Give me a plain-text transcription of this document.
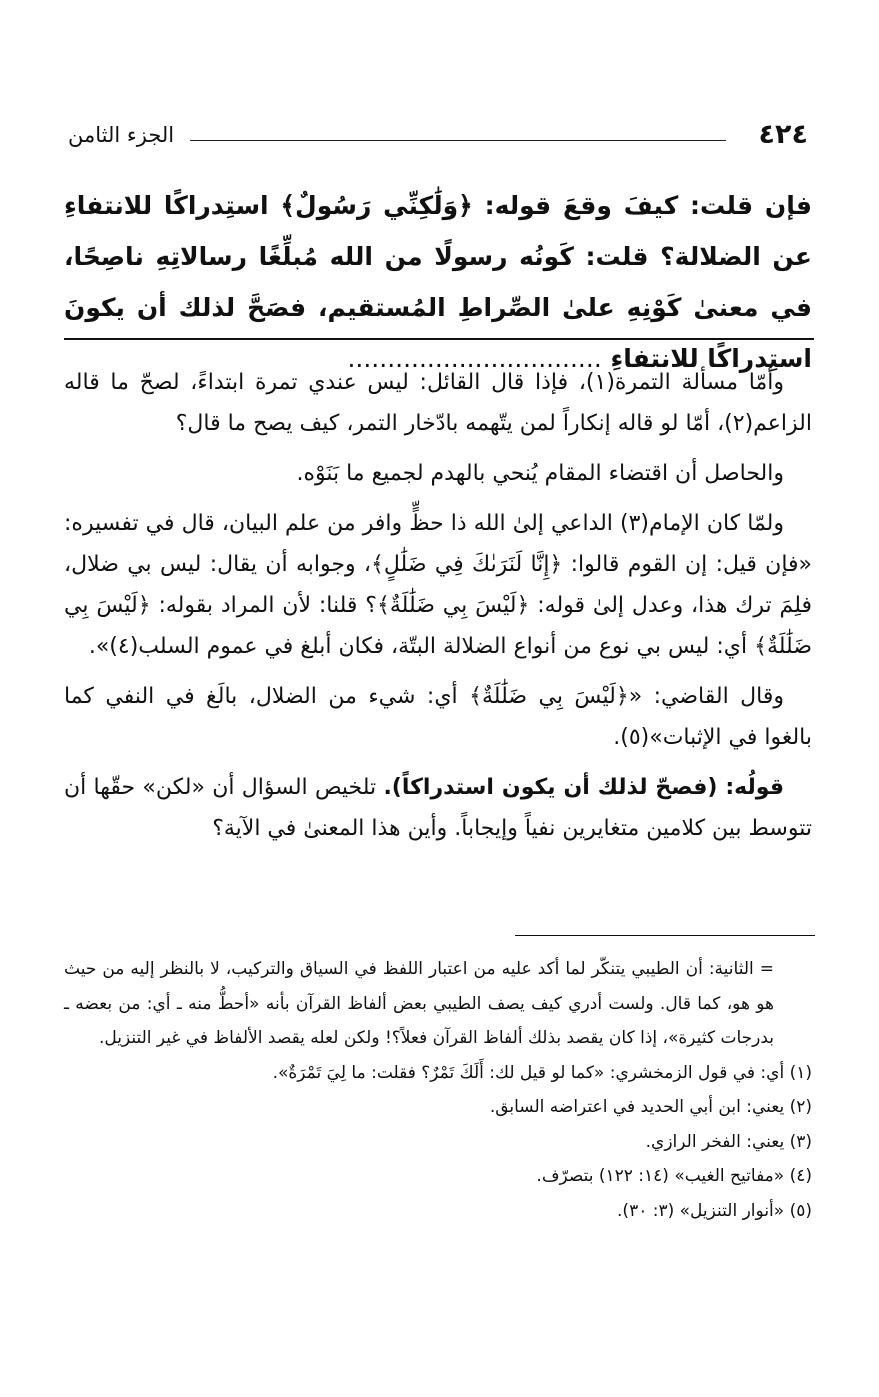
٤٢٤
الجزء الثامن

فإن قلت: كيفَ وقعَ قوله: ﴿وَلَٰكِنِّي رَسُولٌ﴾ استِدراكًا للانتفاءِ عن الضلالة؟ قلت: كَونُه رسولًا من الله مُبلِّغًا رسالاتِهِ ناصِحًا، في معنىٰ كَوْنِهِ علىٰ الصِّراطِ المُستقيم، فصَحَّ لذلك أن يكونَ استِدراكًا للانتفاءِ ................................

وأمّا مسألة التمرة(١)، فإذا قال القائل: ليس عندي تمرة ابتداءً، لصحّ ما قاله الزاعم(٢)، أمّا لو قاله إنكاراً لمن يتّهمه بادّخار التمر، كيف يصح ما قال؟

والحاصل أن اقتضاء المقام يُنحي بالهدم لجميع ما بَنَوْه.

ولمّا كان الإمام(٣) الداعي إلىٰ الله ذا حظٍّ وافر من علم البيان، قال في تفسيره: «فإن قيل: إن القوم قالوا: ﴿إِنَّا لَنَرَىٰكَ فِي ضَلَٰلٍ﴾، وجوابه أن يقال: ليس بي ضلال، فلِمَ ترك هذا، وعدل إلىٰ قوله: ﴿لَيْسَ بِي ضَلَٰلَةٌ﴾؟ قلنا: لأن المراد بقوله: ﴿لَيْسَ بِي ضَلَٰلَةٌ﴾ أي: ليس بي نوع من أنواع الضلالة البتّة، فكان أبلغ في عموم السلب(٤)».

وقال القاضي: «﴿لَيْسَ بِي ضَلَٰلَةٌ﴾ أي: شيء من الضلال، بالَغ في النفي كما بالغوا في الإثبات»(٥).

قولُه: (فصحّ لذلك أن يكون استدراكاً). تلخيص السؤال أن «لكن» حقّها أن تتوسط بين كلامين متغايرين نفياً وإيجاباً. وأين هذا المعنىٰ في الآية؟

= الثانية: أن الطيبي يتنكّر لما أكد عليه من اعتبار اللفظ في السياق والتركيب، لا بالنظر إليه من حيث هو هو، كما قال. ولست أدري كيف يصف الطيبي بعض ألفاظ القرآن بأنه «أحطُّ منه ـ أي: من بعضه ـ بدرجات كثيرة»، إذا كان يقصد بذلك ألفاظ القرآن فعلاً؟! ولكن لعله يقصد الألفاظ في غير التنزيل.

(١) أي: في قول الزمخشري: «كما لو قيل لك: أَلَكَ تَمْرٌ؟ فقلت: ما لِيَ تَمْرَةٌ».

(٢) يعني: ابن أبي الحديد في اعتراضه السابق.

(٣) يعني: الفخر الرازي.

(٤) «مفاتيح الغيب» (١٤: ١٢٢) بتصرّف.

(٥) «أنوار التنزيل» (٣: ٣٠).
